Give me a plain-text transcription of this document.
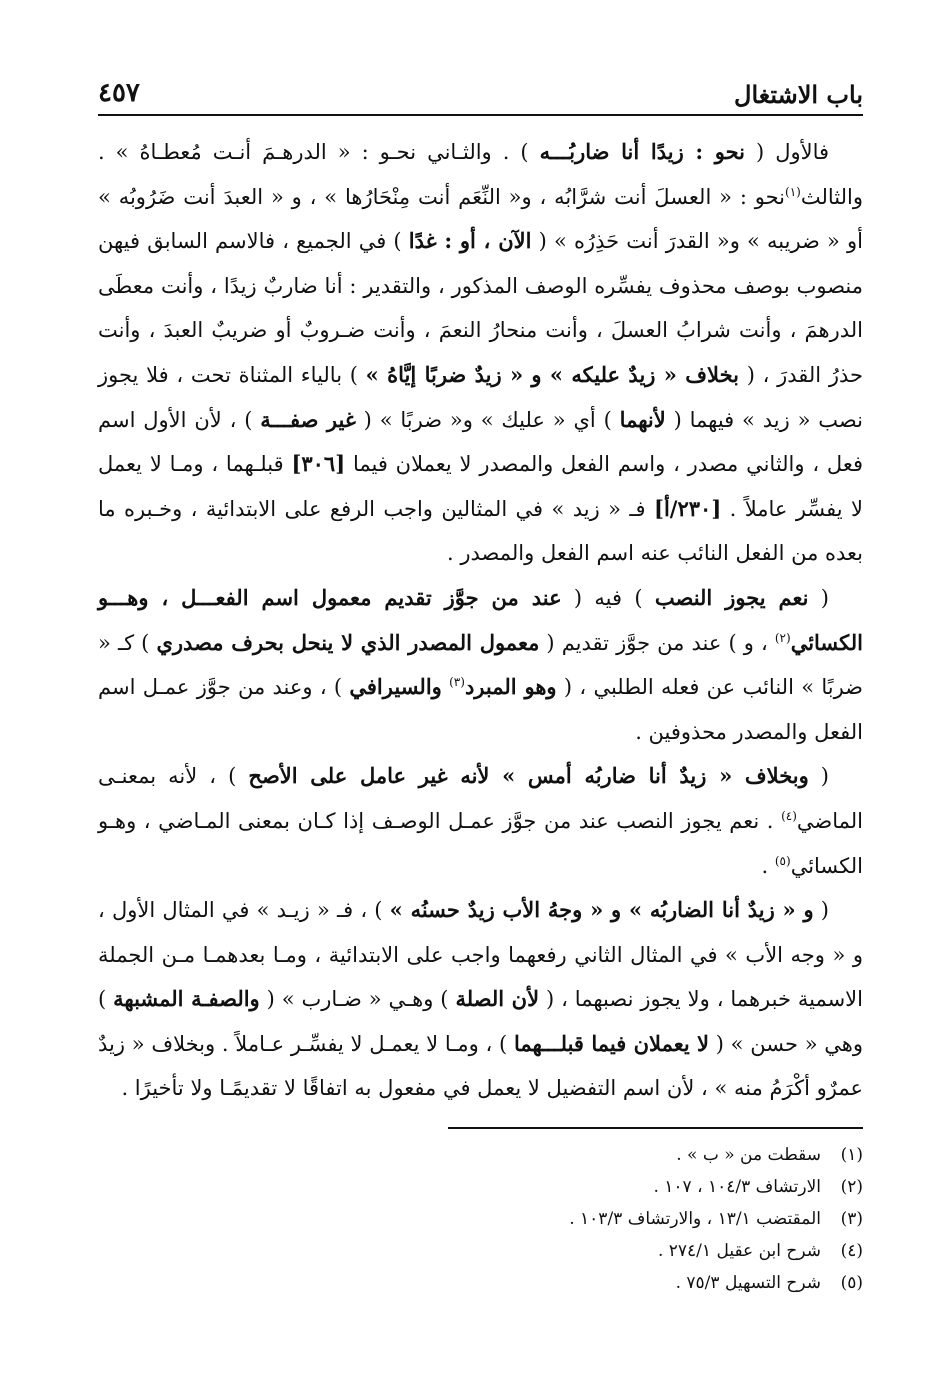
باب الاشتغال
٤٥٧

فالأول ( نحو : زيدًا أنا ضاربُـــه ) . والثـاني نحـو : « الدرهـمَ أنـت مُعطـاهُ » . والثالث$^{(١)}$نحو : « العسلَ أنت شرَّابُه ، و« النِّعَم أنت مِنْحَارُها » ، و « العبدَ أنت ضَرُوبُه » أو « ضريبه » و« القدرَ أنت حَذِرُه » ( الآن ، أو : غدًا ) في الجميع ، فالاسم السابق فيهن منصوب بوصف محذوف يفسِّره الوصف المذكور ، والتقدير : أنا ضاربٌ زيدًا ، وأنت معطَى الدرهمَ ، وأنت شرابُ العسلَ ، وأنت منحارُ النعمَ ، وأنت ضـروبٌ أو ضريبٌ العبدَ ، وأنت حذرُ القدرَ ، ( بخلاف « زيدٌ عليكه » و « زيدٌ ضربًا إيَّاهُ » ) بالياء المثناة تحت ، فلا يجوز نصب « زيد » فيهما ( لأنهما ) أي « عليك » و« ضربًا » ( غير صفـــة ) ، لأن الأول اسم فعل ، والثاني مصدر ، واسم الفعل والمصدر لا يعملان فيما [٣٠٦] قبلـهما ، ومـا لا يعمل لا يفسِّر عاملاً . [٢٣٠/أ] فـ « زيد » في المثالين واجب الرفع على الابتدائية ، وخـبره ما بعده من الفعل النائب عنه اسم الفعل والمصدر .

( نعم يجوز النصب ) فيه ( عند من جوَّز تقديم معمول اسم الفعـــل ، وهـــو الكسائي$^{(٢)}$ ، و ) عند من جوَّز تقديم ( معمول المصدر الذي لا ينحل بحرف مصدري ) كـ « ضربًا » النائب عن فعله الطلبي ، ( وهو المبرد$^{(٣)}$ والسيرافي ) ، وعند من جوَّز عمـل اسم الفعل والمصدر محذوفين .

( وبخلاف « زيدٌ أنا ضاربُه أمس » لأنه غير عامل على الأصح ) ، لأنه بمعنـى الماضي$^{(٤)}$ . نعم يجوز النصب عند من جوَّز عمـل الوصـف إذا كـان بمعنى المـاضي ، وهـو الكسائي$^{(٥)}$ .

( و « زيدٌ أنا الضاربُه » و « وجهُ الأب زيدٌ حسنُه » ) ، فـ « زيـد » في المثال الأول ، و « وجه الأب » في المثال الثاني رفعهما واجب على الابتدائية ، ومـا بعدهمـا مـن الجملة الاسمية خبرهما ، ولا يجوز نصبهما ، ( لأن الصلة ) وهـي « ضـارب » ( والصفـة المشبهة ) وهي « حسن » ( لا يعملان فيما قبلـــهما ) ، ومـا لا يعمـل لا يفسِّـر عـاملاً . وبخلاف « زيدٌ عمرٌو أكْرَمُ منه » ، لأن اسم التفضيل لا يعمل في مفعول به اتفاقًا لا تقديمًـا ولا تأخيرًا .

(١)
سقطت من « ب » .
(٢)
الارتشاف ١٠٤/٣ ، ١٠٧ .
(٣)
المقتضب ١٣/١ ، والارتشاف ١٠٣/٣ .
(٤)
شرح ابن عقيل ٢٧٤/١ .
(٥)
شرح التسهيل ٧٥/٣ .
